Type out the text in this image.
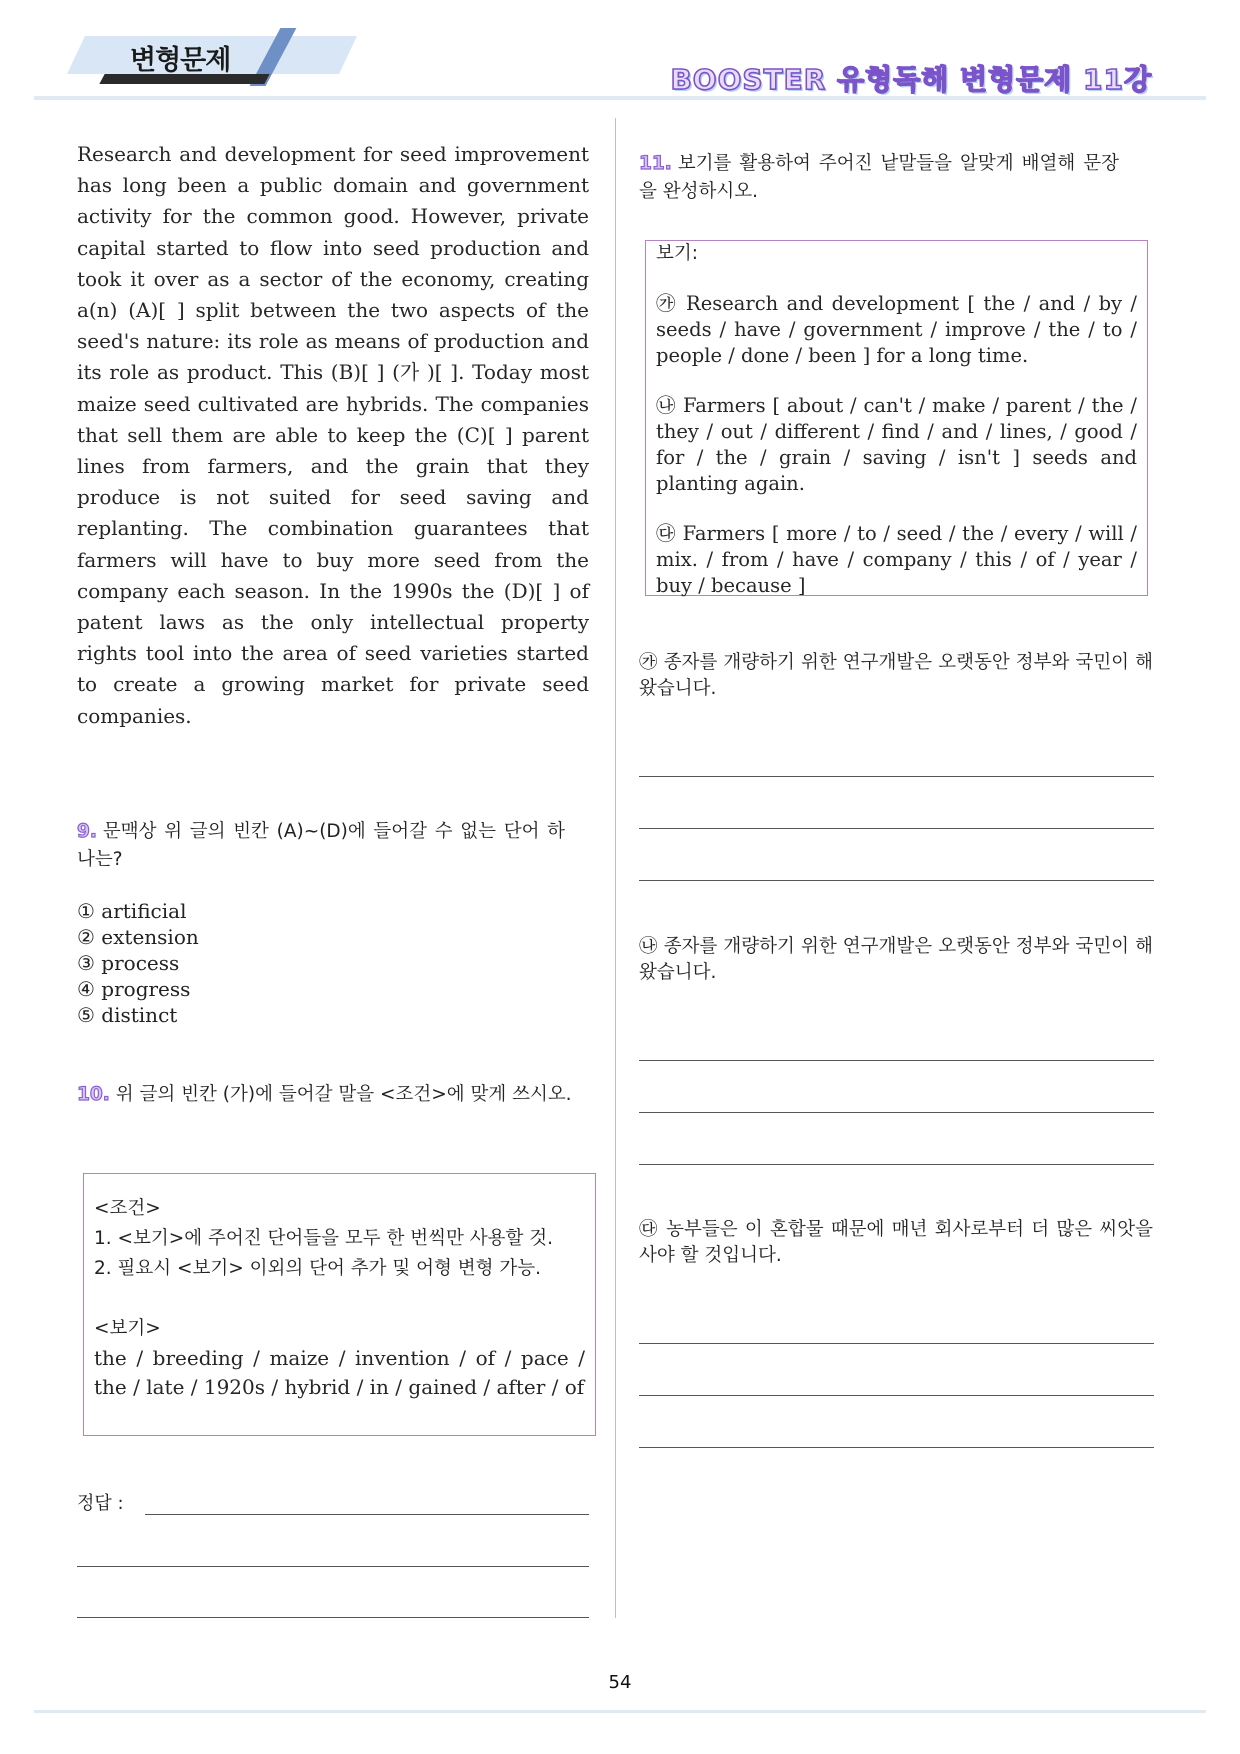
변형문제
BOOSTER 유형독해 변형문제 11강
Research and development for seed improvement has long been a public domain and government activity for the common good. However, private capital started to flow into seed production and took it over as a sector of the economy, creating a(n) (A)[ ] split between the two aspects of the seed's nature: its role as means of production and its role as product. This (B)[ ] (가 )[ ]. Today most maize seed cultivated are hybrids. The companies that sell them are able to keep the (C)[ ] parent lines from farmers, and the grain that they produce is not suited for seed saving and replanting. The combination guarantees that farmers will have to buy more seed from the company each season. In the 1990s the (D)[ ] of patent laws as the only intellectual property rights tool into the area of seed varieties started to create a growing market for private seed companies.
9. 문맥상 위 글의 빈칸 (A)~(D)에 들어갈 수 없는 단어 하나는?
① artificial
② extension
③ process
④ progress
⑤ distinct
10. 위 글의 빈칸 (가)에 들어갈 말을 <조건>에 맞게 쓰시오.
<조건>
1. <보기>에 주어진 단어들을 모두 한 번씩만 사용할 것.
2. 필요시 <보기> 이외의 단어 추가 및 어형 변형 가능.
<보기>
the / breeding / maize / invention / of / pace / the / late / 1920s / hybrid / in / gained / after / of
정답 :
11. 보기를 활용하여 주어진 낱말들을 알맞게 배열해 문장을 완성하시오.
보기:

㉮ Research and development [ the / and / by / seeds / have / government / improve / the / to / people / done / been ] for a long time.

㉯ Farmers [ about / can't / make / parent / the / they / out / different / find / and / lines, / good / for / the / grain / saving / isn't ] seeds and planting again.

㉰ Farmers [ more / to / seed / the / every / will / mix. / from / have / company / this / of / year / buy / because ]

㉮ 종자를 개량하기 위한 연구개발은 오랫동안 정부와 국민이 해왔습니다.
㉯ 종자를 개량하기 위한 연구개발은 오랫동안 정부와 국민이 해왔습니다.
㉰ 농부들은 이 혼합물 때문에 매년 회사로부터 더 많은 씨앗을 사야 할 것입니다.
54
